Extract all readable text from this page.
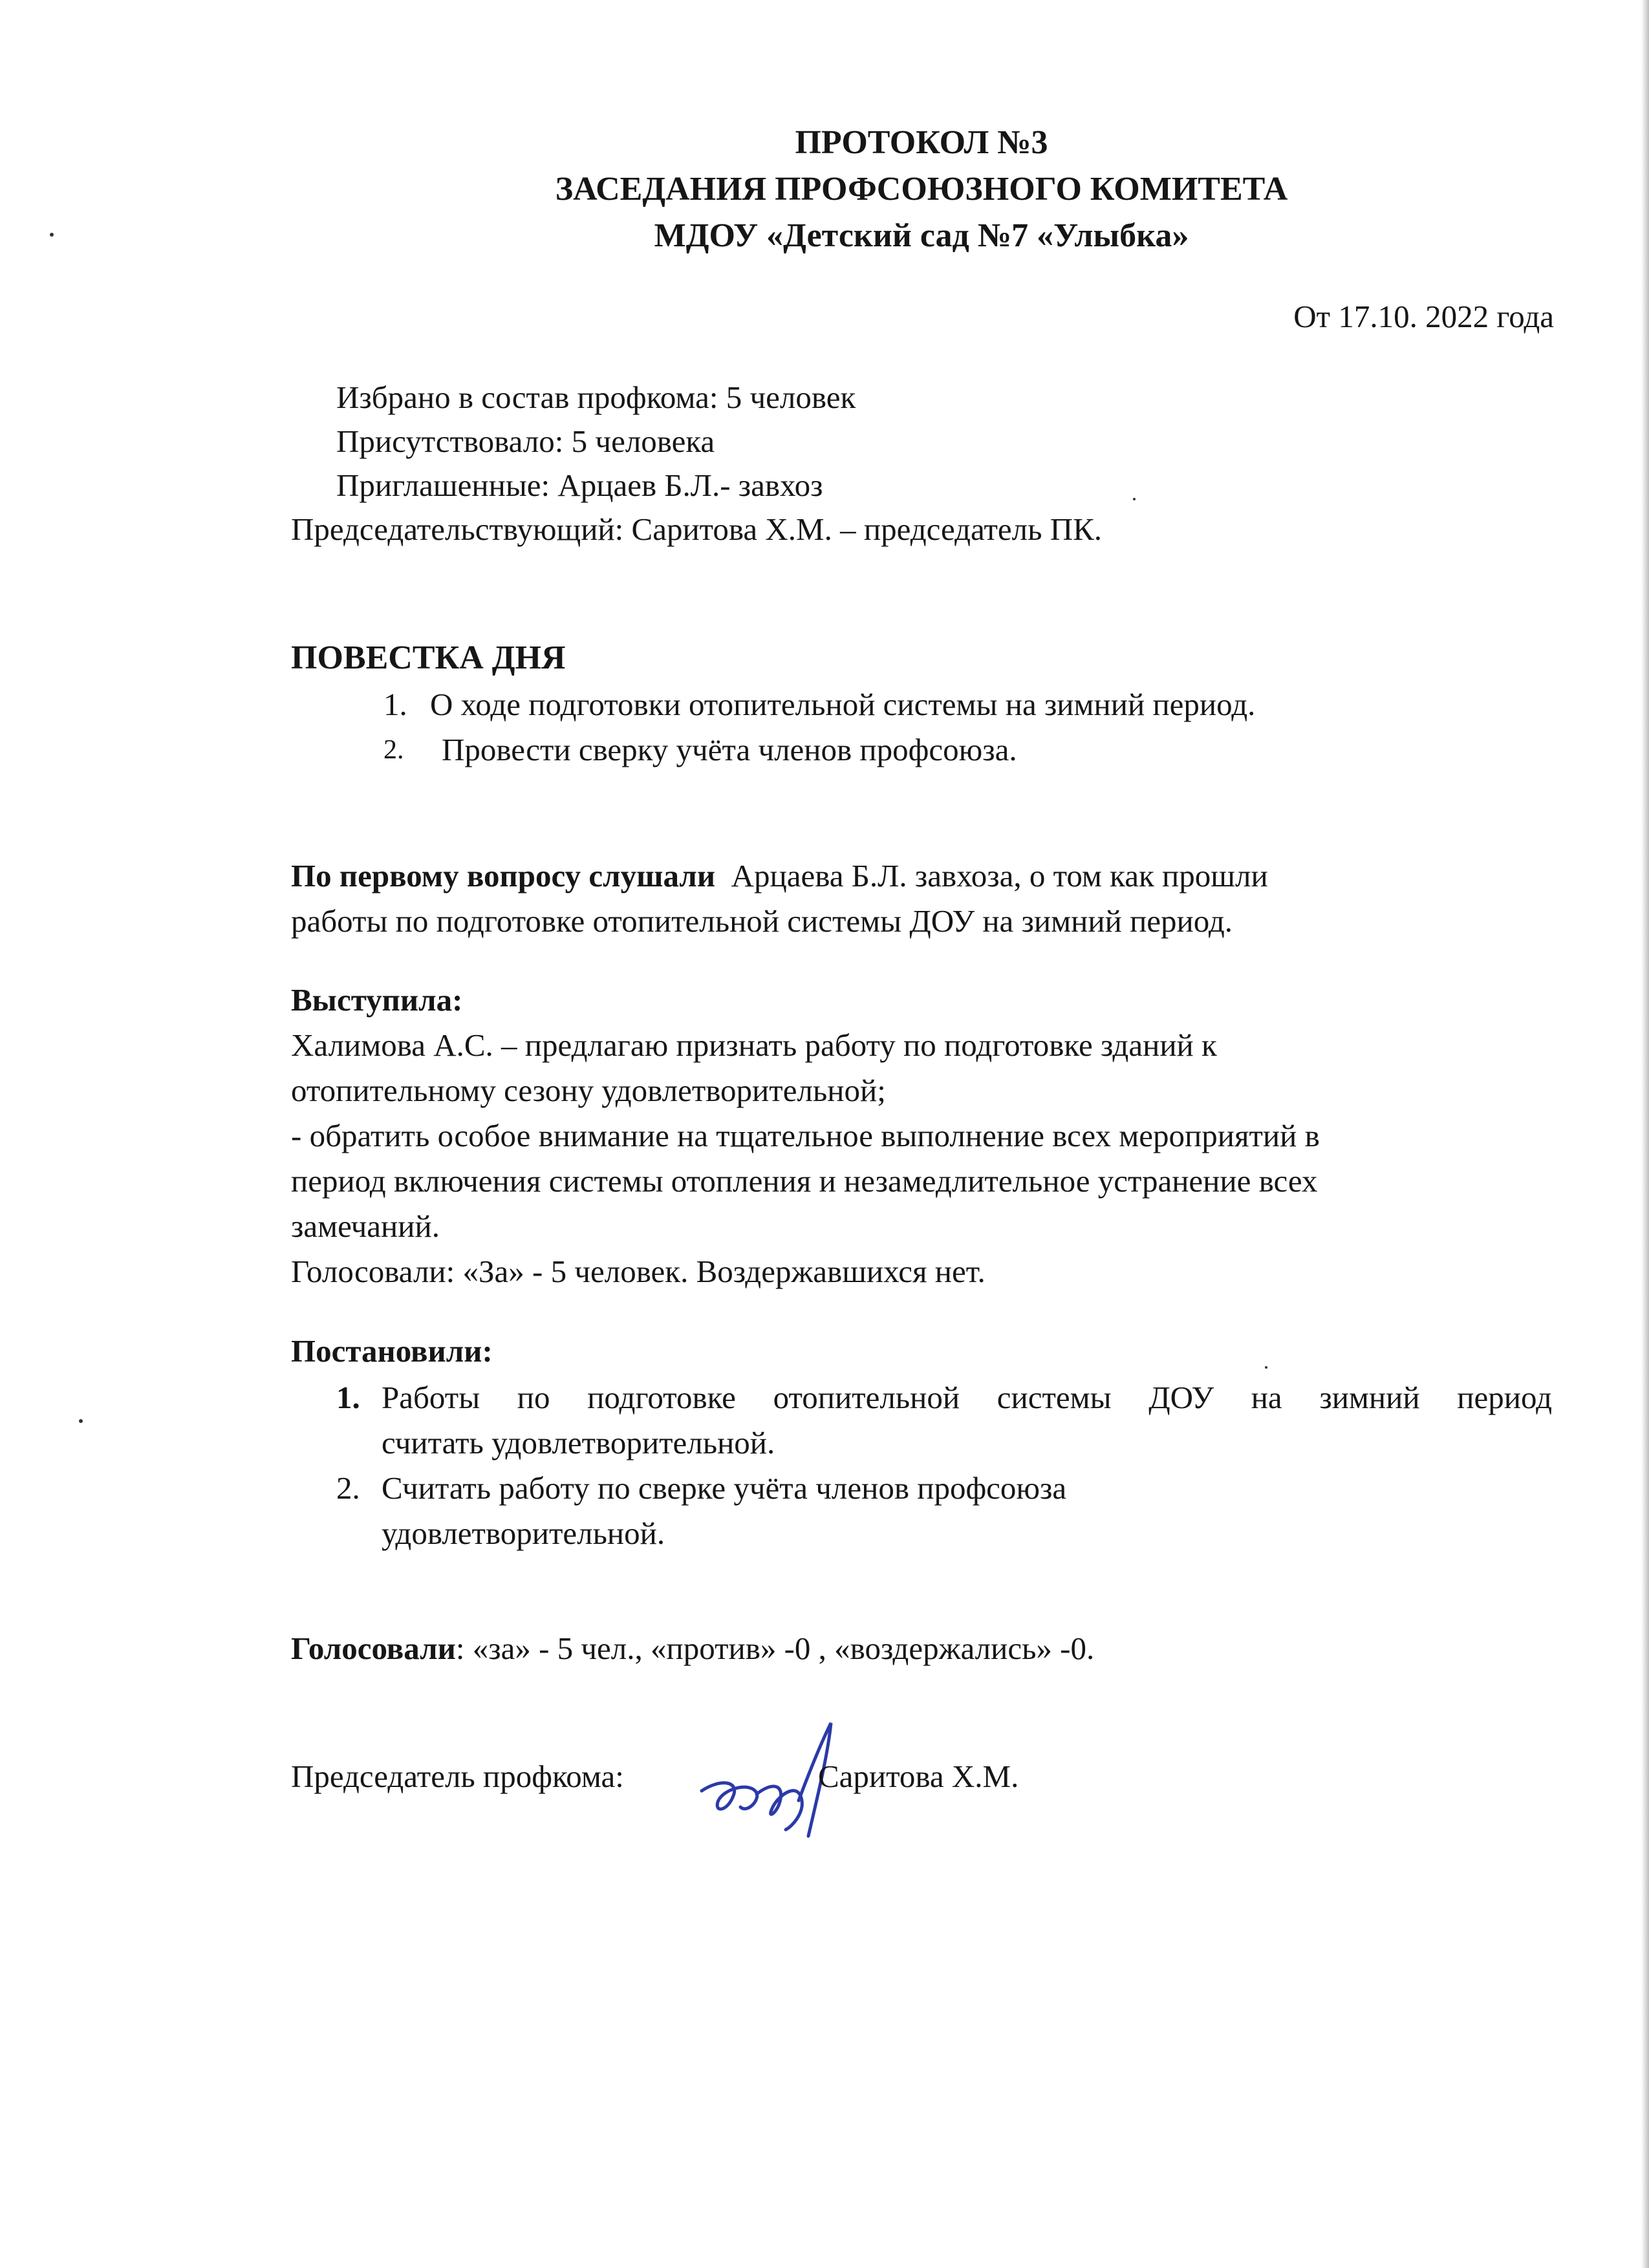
ПРОТОКОЛ №3
ЗАСЕДАНИЯ ПРОФСОЮЗНОГО КОМИТЕТА
МДОУ «Детский сад №7 «Улыбка»
От 17.10. 2022 года
Избрано в состав профкома: 5 человек
Присутствовало: 5 человека
Приглашенные: Арцаев Б.Л.- завхоз
Председательствующий: Саритова Х.М. – председатель ПК.
ПОВЕСТКА ДНЯ
1. О ходе подготовки отопительной системы на зимний период.
2. Провести сверку учёта членов профсоюза.
По первому вопросу слушали  Арцаева Б.Л. завхоза, о том как прошли
работы по подготовке отопительной системы ДОУ на зимний период.
Выступила:
Халимова А.С. – предлагаю признать работу по подготовке зданий к
отопительному сезону удовлетворительной;
- обратить особое внимание на тщательное выполнение всех мероприятий в
период включения системы отопления и незамедлительное устранение всех
замечаний.
Голосовали: «За» - 5 человек. Воздержавшихся нет.
Постановили:
1. Работы по подготовке отопительной системы ДОУ на зимний период
считать удовлетворительной.
2. Считать работу по сверке учёта членов профсоюза
удовлетворительной.
Голосовали: «за» - 5 чел., «против» -0 , «воздержались» -0.
Председатель профкома:	Саритова Х.М.
